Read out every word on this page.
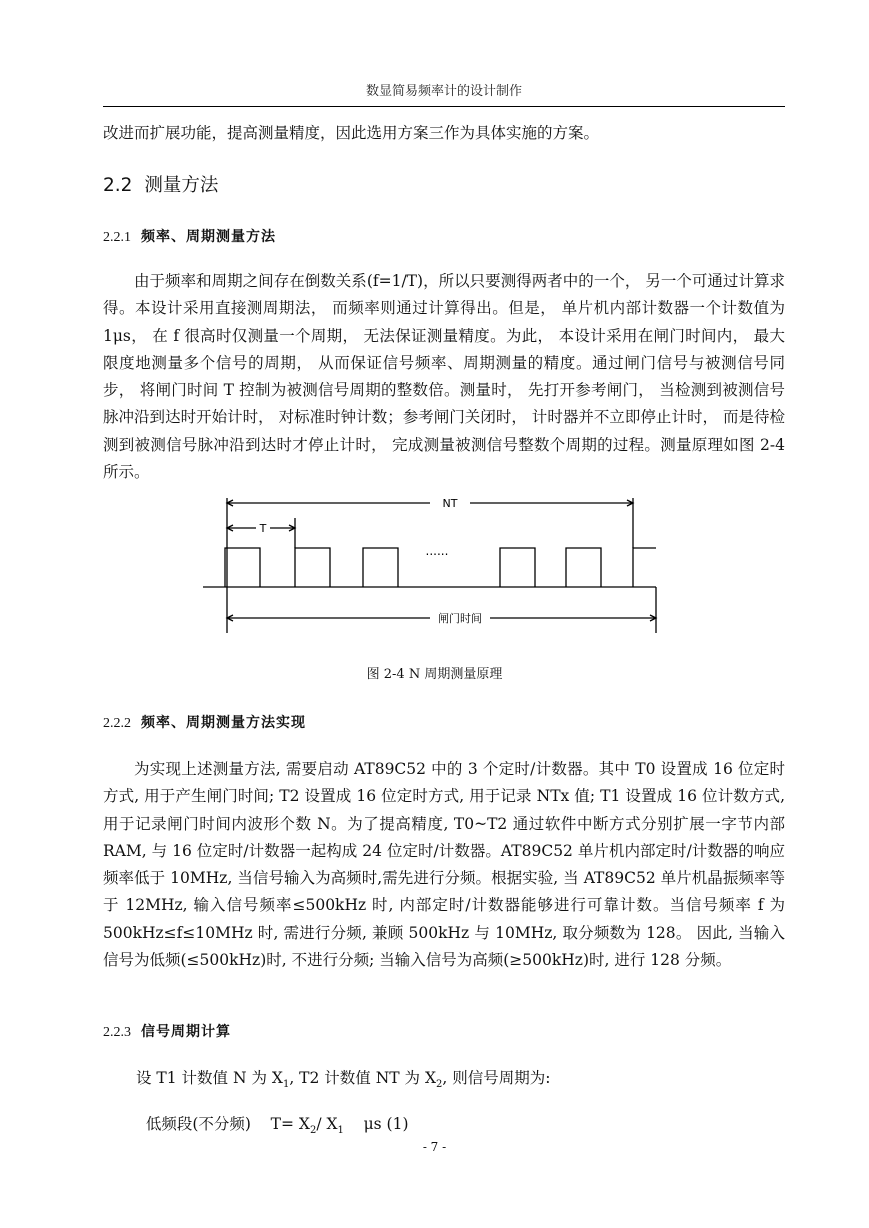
数显简易频率计的设计制作

改进而扩展功能，提高测量精度，因此选用方案三作为具体实施的方案。

2.2 测量方法
2.2.1 频率、周期测量方法

由于频率和周期之间存在倒数关系(f=1/T)，所以只要测得两者中的一个， 另一个可通过计算求得。本设计采用直接测周期法， 而频率则通过计算得出。但是， 单片机内部计数器一个计数值为 1μs， 在 f 很高时仅测量一个周期， 无法保证测量精度。为此， 本设计采用在闸门时间内， 最大限度地测量多个信号的周期， 从而保证信号频率、周期测量的精度。通过闸门信号与被测信号同步， 将闸门时间 T 控制为被测信号周期的整数倍。测量时， 先打开参考闸门， 当检测到被测信号脉冲沿到达时开始计时， 对标准时钟计数；参考闸门关闭时， 计时器并不立即停止计时， 而是待检测到被测信号脉冲沿到达时才停止计时， 完成测量被测信号整数个周期的过程。测量原理如图 2-4 所示。

NT
T
......
闸门时间
图 2-4 N 周期测量原理
2.2.2 频率、周期测量方法实现

为实现上述测量方法, 需要启动 AT89C52 中的 3 个定时/计数器。其中 T0 设置成 16 位定时方式, 用于产生闸门时间; T2 设置成 16 位定时方式, 用于记录 NTx 值; T1 设置成 16 位计数方式, 用于记录闸门时间内波形个数 N。为了提高精度, T0~T2 通过软件中断方式分别扩展一字节内部 RAM, 与 16 位定时/计数器一起构成 24 位定时/计数器。AT89C52 单片机内部定时/计数器的响应频率低于 10MHz, 当信号输入为高频时,需先进行分频。根据实验, 当 AT89C52 单片机晶振频率等于 12MHz, 输入信号频率≤500kHz 时, 内部定时/计数器能够进行可靠计数。当信号频率 f 为 500kHz≤f≤10MHz 时, 需进行分频, 兼顾 500kHz 与 10MHz, 取分频数为 128。 因此, 当输入信号为低频(≤500kHz)时, 不进行分频; 当输入信号为高频(≥500kHz)时, 进行 128 分频。

2.2.3 信号周期计算
设 T1 计数值 N 为 $X_1$, T2 计数值 NT 为 $X_2$, 则信号周期为:

低频段(不分频)    $T= X_2/$ $X_1$    μs (1)

- 7 -
